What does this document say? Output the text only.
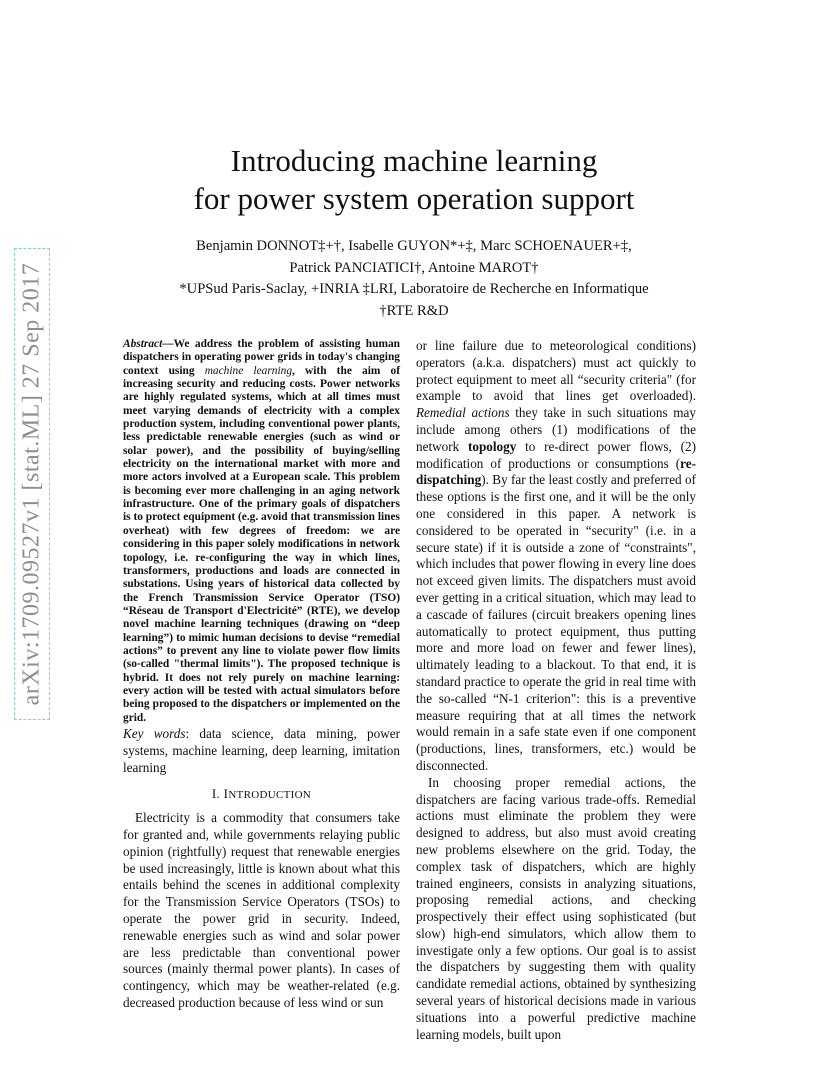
arXiv:1709.09527v1 [stat.ML] 27 Sep 2017
Introducing machine learning
for power system operation support
Benjamin DONNOT‡+†, Isabelle GUYON*+‡, Marc SCHOENAUER+‡,
Patrick PANCIATICI†, Antoine MAROT†
*UPSud Paris-Saclay, +INRIA ‡LRI, Laboratoire de Recherche en Informatique
†RTE R&D

Abstract—We address the problem of assisting human dispatchers in operating power grids in today's changing context using machine learning, with the aim of increasing security and reducing costs. Power networks are highly regulated systems, which at all times must meet varying demands of electricity with a complex production system, including conventional power plants, less predictable renewable energies (such as wind or solar power), and the possibility of buying/selling electricity on the international market with more and more actors involved at a European scale. This problem is becoming ever more challenging in an aging network infrastructure. One of the primary goals of dispatchers is to protect equipment (e.g. avoid that transmission lines overheat) with few degrees of freedom: we are considering in this paper solely modifications in network topology, i.e. re-configuring the way in which lines, transformers, productions and loads are connected in substations. Using years of historical data collected by the French Transmission Service Operator (TSO) “Réseau de Transport d'Electricité” (RTE), we develop novel machine learning techniques (drawing on “deep learning”) to mimic human decisions to devise “remedial actions” to prevent any line to violate power flow limits (so-called "thermal limits"). The proposed technique is hybrid. It does not rely purely on machine learning: every action will be tested with actual simulators before being proposed to the dispatchers or implemented on the grid.

Key words: data science, data mining, power systems, machine learning, deep learning, imitation learning

I. INTRODUCTION

Electricity is a commodity that consumers take for granted and, while governments relaying public opinion (rightfully) request that renewable energies be used increasingly, little is known about what this entails behind the scenes in additional complexity for the Transmission Service Operators (TSOs) to operate the power grid in security. Indeed, renewable energies such as wind and solar power are less predictable than conventional power sources (mainly thermal power plants). In cases of contingency, which may be weather-related (e.g. decreased production because of less wind or sun

or line failure due to meteorological conditions) operators (a.k.a. dispatchers) must act quickly to protect equipment to meet all “security criteria" (for example to avoid that lines get overloaded). Remedial actions they take in such situations may include among others (1) modifications of the network topology to re-direct power flows, (2) modification of productions or consumptions (re-dispatching). By far the least costly and preferred of these options is the first one, and it will be the only one considered in this paper. A network is considered to be operated in “security" (i.e. in a secure state) if it is outside a zone of “constraints", which includes that power flowing in every line does not exceed given limits. The dispatchers must avoid ever getting in a critical situation, which may lead to a cascade of failures (circuit breakers opening lines automatically to protect equipment, thus putting more and more load on fewer and fewer lines), ultimately leading to a blackout. To that end, it is standard practice to operate the grid in real time with the so-called “N-1 criterion": this is a preventive measure requiring that at all times the network would remain in a safe state even if one component (productions, lines, transformers, etc.) would be disconnected.

In choosing proper remedial actions, the dispatchers are facing various trade-offs. Remedial actions must eliminate the problem they were designed to address, but also must avoid creating new problems elsewhere on the grid. Today, the complex task of dispatchers, which are highly trained engineers, consists in analyzing situations, proposing remedial actions, and checking prospectively their effect using sophisticated (but slow) high-end simulators, which allow them to investigate only a few options. Our goal is to assist the dispatchers by suggesting them with quality candidate remedial actions, obtained by synthesizing several years of historical decisions made in various situations into a powerful predictive machine learning models, built upon
